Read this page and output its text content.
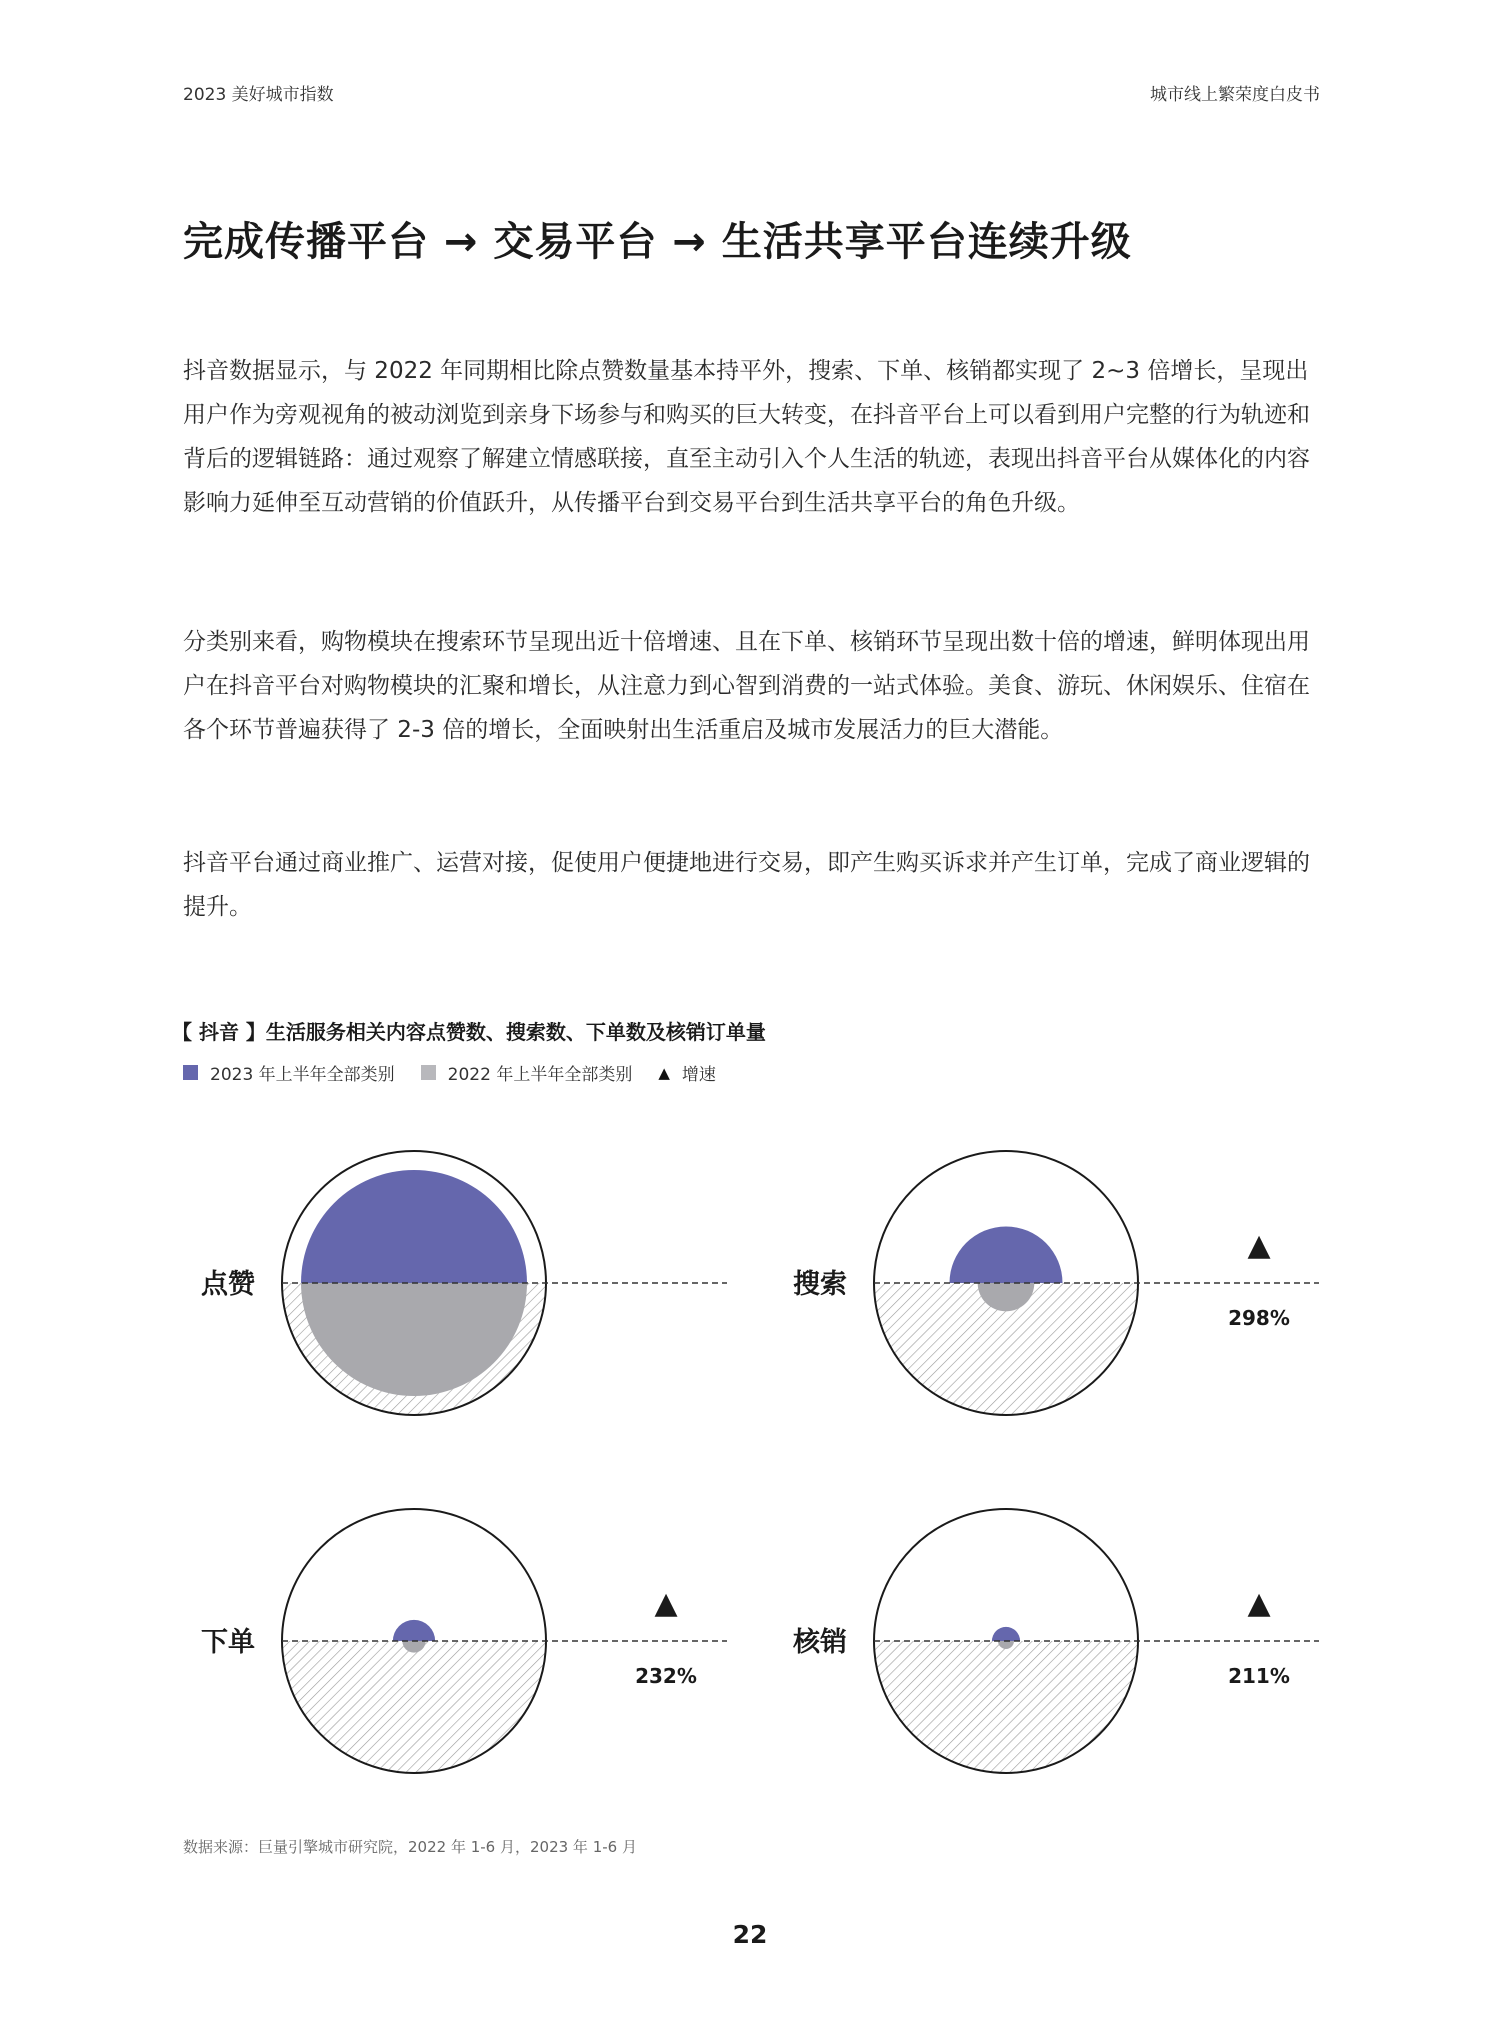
2023 美好城市指数	城市线上繁荣度白皮书
完成传播平台 → 交易平台 → 生活共享平台连续升级

抖音数据显示，与 2022 年同期相比除点赞数量基本持平外，搜索、下单、核销都实现了 2~3 倍增长，呈现出用户作为旁观视角的被动浏览到亲身下场参与和购买的巨大转变，在抖音平台上可以看到用户完整的行为轨迹和背后的逻辑链路：通过观察了解建立情感联接，直至主动引入个人生活的轨迹，表现出抖音平台从媒体化的内容影响力延伸至互动营销的价值跃升，从传播平台到交易平台到生活共享平台的角色升级。

分类别来看，购物模块在搜索环节呈现出近十倍增速、且在下单、核销环节呈现出数十倍的增速，鲜明体现出用户在抖音平台对购物模块的汇聚和增长，从注意力到心智到消费的一站式体验。美食、游玩、休闲娱乐、住宿在各个环节普遍获得了 2-3 倍的增长，全面映射出生活重启及城市发展活力的巨大潜能。

抖音平台通过商业推广、运营对接，促使用户便捷地进行交易，即产生购买诉求并产生订单，完成了商业逻辑的提升。

【 抖音 】生活服务相关内容点赞数、搜索数、下单数及核销订单量
2023 年上半年全部类别	2022 年上半年全部类别 ▲ 增速
点赞	搜索
▲
298%
下单
▲
232%
核销
▲
211%
数据来源：巨量引擎城市研究院，2022 年 1-6 月，2023 年 1-6 月
22
